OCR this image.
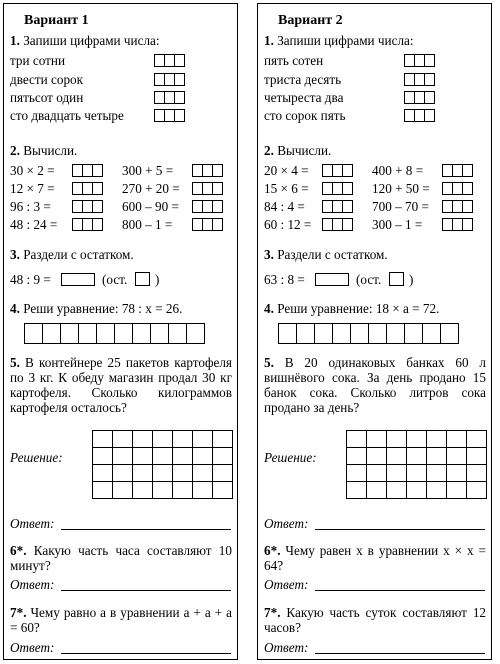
Вариант 1
1. Запиши цифрами числа:
три сотни
двести сорок
пятьсот один
сто двадцать четыре
2. Вычисли.
30 × 2 =
12 × 7 =
96 : 3 =
48 : 24 =
300 + 5 =
270 + 20 =
600 – 90 =
800 – 1 =
3. Раздели с остатком.
48 : 9 =	(ост. )
4. Реши уравнение: 78 : x = 26.
5. В контейнере 25 пакетов картофеля по 3 кг. К обеду магазин продал 30 кг картофеля. Сколько килограммов картофеля осталось?
Решение:
Ответ:
6*. Какую часть часа составляют 10 минут?
Ответ:
7*. Чему равно a в уравнении a + a + a = 60?
Ответ:
Вариант 2
1. Запиши цифрами числа:
пять сотен
триста десять
четыреста два
сто сорок пять
2. Вычисли.
20 × 4 =
15 × 6 =
84 : 4 =
60 : 12 =
400 + 8 =
120 + 50 =
700 – 70 =
300 – 1 =
3. Раздели с остатком.
63 : 8 =	(ост. )
4. Реши уравнение: 18 × a = 72.
5. В 20 одинаковых банках 60 л вишнёвого сока. За день продано 15 банок сока. Сколько литров сока продано за день?
Решение:
Ответ:
6*. Чему равен x в уравнении x × x = 64?
Ответ:
7*. Какую часть суток составляют 12 часов?
Ответ:
